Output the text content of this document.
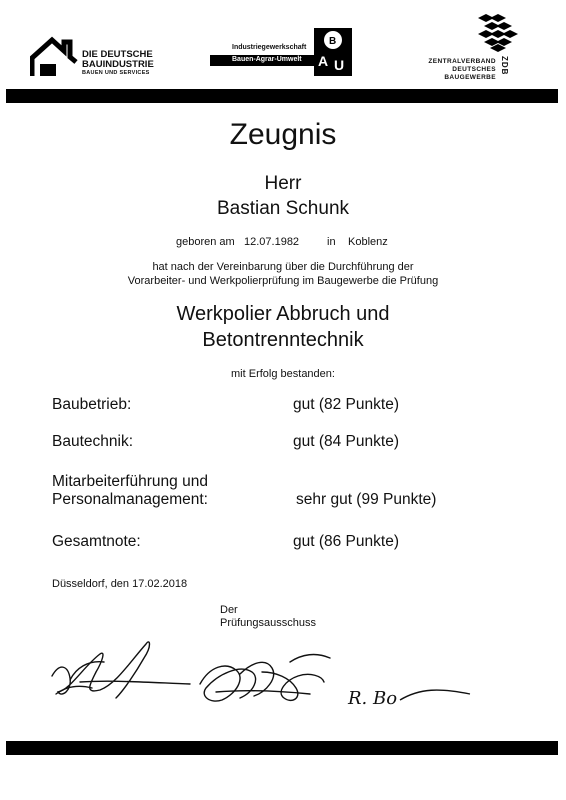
DIE DEUTSCHE
BAUINDUSTRIE
BAUEN UND SERVICES
Industriegewerkschaft
Bauen-Agrar-Umwelt
B
A U	ZENTRALVERBAND
DEUTSCHES
BAUGEWERBE
ZDB
Zeugnis
Herr
Bastian Schunk
geboren am 12.07.1982	in Koblenz
hat nach der Vereinbarung über die Durchführung der
Vorarbeiter- und Werkpolierprüfung im Baugewerbe die Prüfung
Werkpolier Abbruch und
Betontrenntechnik
mit Erfolg bestanden:
Baubetrieb:	gut (82 Punkte)
Bautechnik:	gut (84 Punkte)
Mitarbeiterführung und
Personalmanagement:	sehr gut (99 Punkte)
Gesamtnote:	gut (86 Punkte)
Düsseldorf, den 17.02.2018
Der
Prüfungsausschuss
R. Bo
